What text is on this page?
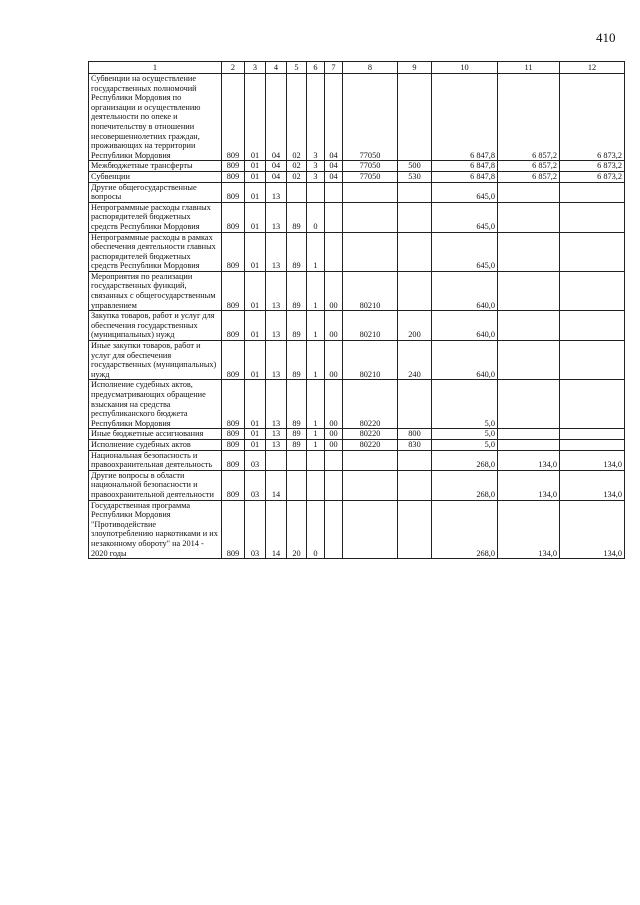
410
1	2	3	4	5	6	7	8	9	10	11	12
Субвенции на осуществление государственных полномочий Республики Мордовия по организации и осуществлению деятельности по опеке и попечительству в отношении несовершеннолетних граждан, проживающих на территории Республики Мордовия	809	01	04	02	3	04	77050		6 847,8	6 857,2	6 873,2
Межбюджетные трансферты	809	01	04	02	3	04	77050	500	6 847,8	6 857,2	6 873,2
Субвенции	809	01	04	02	3	04	77050	530	6 847,8	6 857,2	6 873,2
Другие общегосударственные вопросы	809	01	13						645,0		
Непрограммные расходы главных распорядителей бюджетных средств Республики Мордовия	809	01	13	89	0				645,0		
Непрограммные расходы в рамках обеспечения деятельности главных распорядителей бюджетных средств Республики Мордовия	809	01	13	89	1				645,0		
Мероприятия по реализации государственных функций, связанных с общегосударственным управлением	809	01	13	89	1	00	80210		640,0		
Закупка товаров, работ и услуг для обеспечения государственных (муниципальных) нужд	809	01	13	89	1	00	80210	200	640,0		
Иные закупки товаров, работ и услуг для обеспечения государственных (муниципальных) нужд	809	01	13	89	1	00	80210	240	640,0		
Исполнение судебных актов, предусматривающих обращение взыскания на средства республиканского бюджета Республики Мордовия	809	01	13	89	1	00	80220		5,0		
Иные бюджетные ассигнования	809	01	13	89	1	00	80220	800	5,0		
Исполнение судебных актов	809	01	13	89	1	00	80220	830	5,0		
Национальная безопасность и правоохранительная деятельность	809	03							268,0	134,0	134,0
Другие вопросы в области национальной безопасности и правоохранительной деятельности	809	03	14						268,0	134,0	134,0
Государственная программа Республики Мордовия "Противодействие злоупотреблению наркотиками и их незаконному обороту" на 2014 - 2020 годы	809	03	14	20	0				268,0	134,0	134,0
